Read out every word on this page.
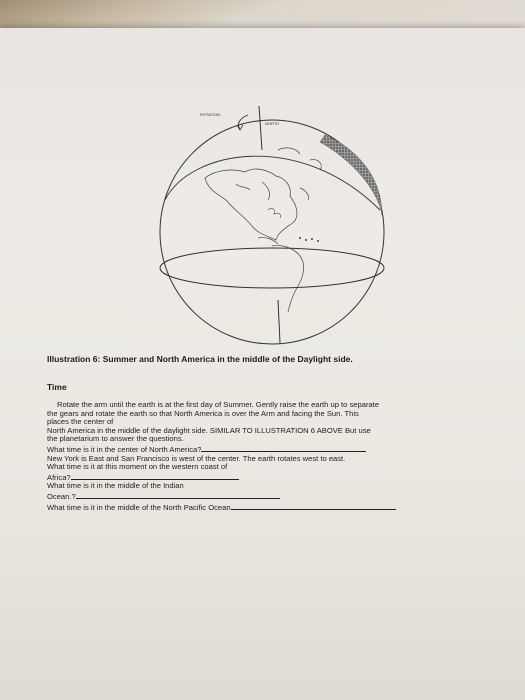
ROTATION
NORTH
Illustration 6: Summer and North America in the middle of the Daylight side.
Time
Rotate the arm until the earth is at the first day of Summer. Gently raise the earth up to separate
the gears and rotate the earth so that North America is over the Arm and facing the Sun. This
places the center of
North America in the middle of the daylight side. SIMILAR TO ILLUSTRATION 6 ABOVE But use
the planetarium to answer the questions.
What time is it in the center of North America?
New York is East and San Francisco is west of the center. The earth rotates west to east.
What time is it at this moment on the western coast of
Africa?
What time is it in the middle of the Indian
Ocean.?
What time is it in the middle of the North Pacific Ocean
